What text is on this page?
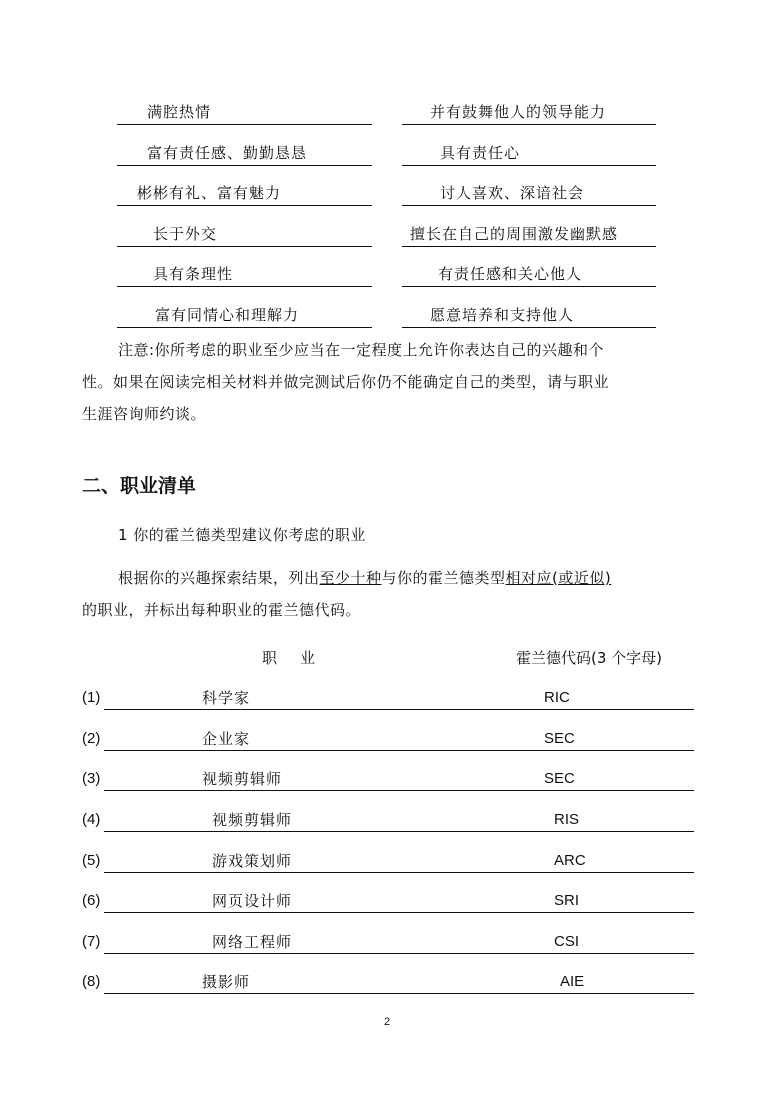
满腔热情	并有鼓舞他人的领导能力
富有责任感、勤勤恳恳	具有责任心
彬彬有礼、富有魅力	讨人喜欢、深谙社会
长于外交	擅长在自己的周围激发幽默感
具有条理性	有责任感和关心他人
富有同情心和理解力	愿意培养和支持他人
注意:你所考虑的职业至少应当在一定程度上允许你表达自己的兴趣和个
性。如果在阅读完相关材料并做完测试后你仍不能确定自己的类型，请与职业
生涯咨询师约谈。
二、职业清单
1 你的霍兰德类型建议你考虑的职业
根据你的兴趣探索结果，列出至少十种与你的霍兰德类型相对应(或近似)
的职业，并标出每种职业的霍兰德代码。
职　业	霍兰德代码(3 个字母)
(1)	科学家	RIC
(2)	企业家	SEC
(3)	视频剪辑师	SEC
(4)	视频剪辑师	RIS
(5)	游戏策划师	ARC
(6)	网页设计师	SRI
(7)	网络工程师	CSI
(8)	摄影师	AIE
2
